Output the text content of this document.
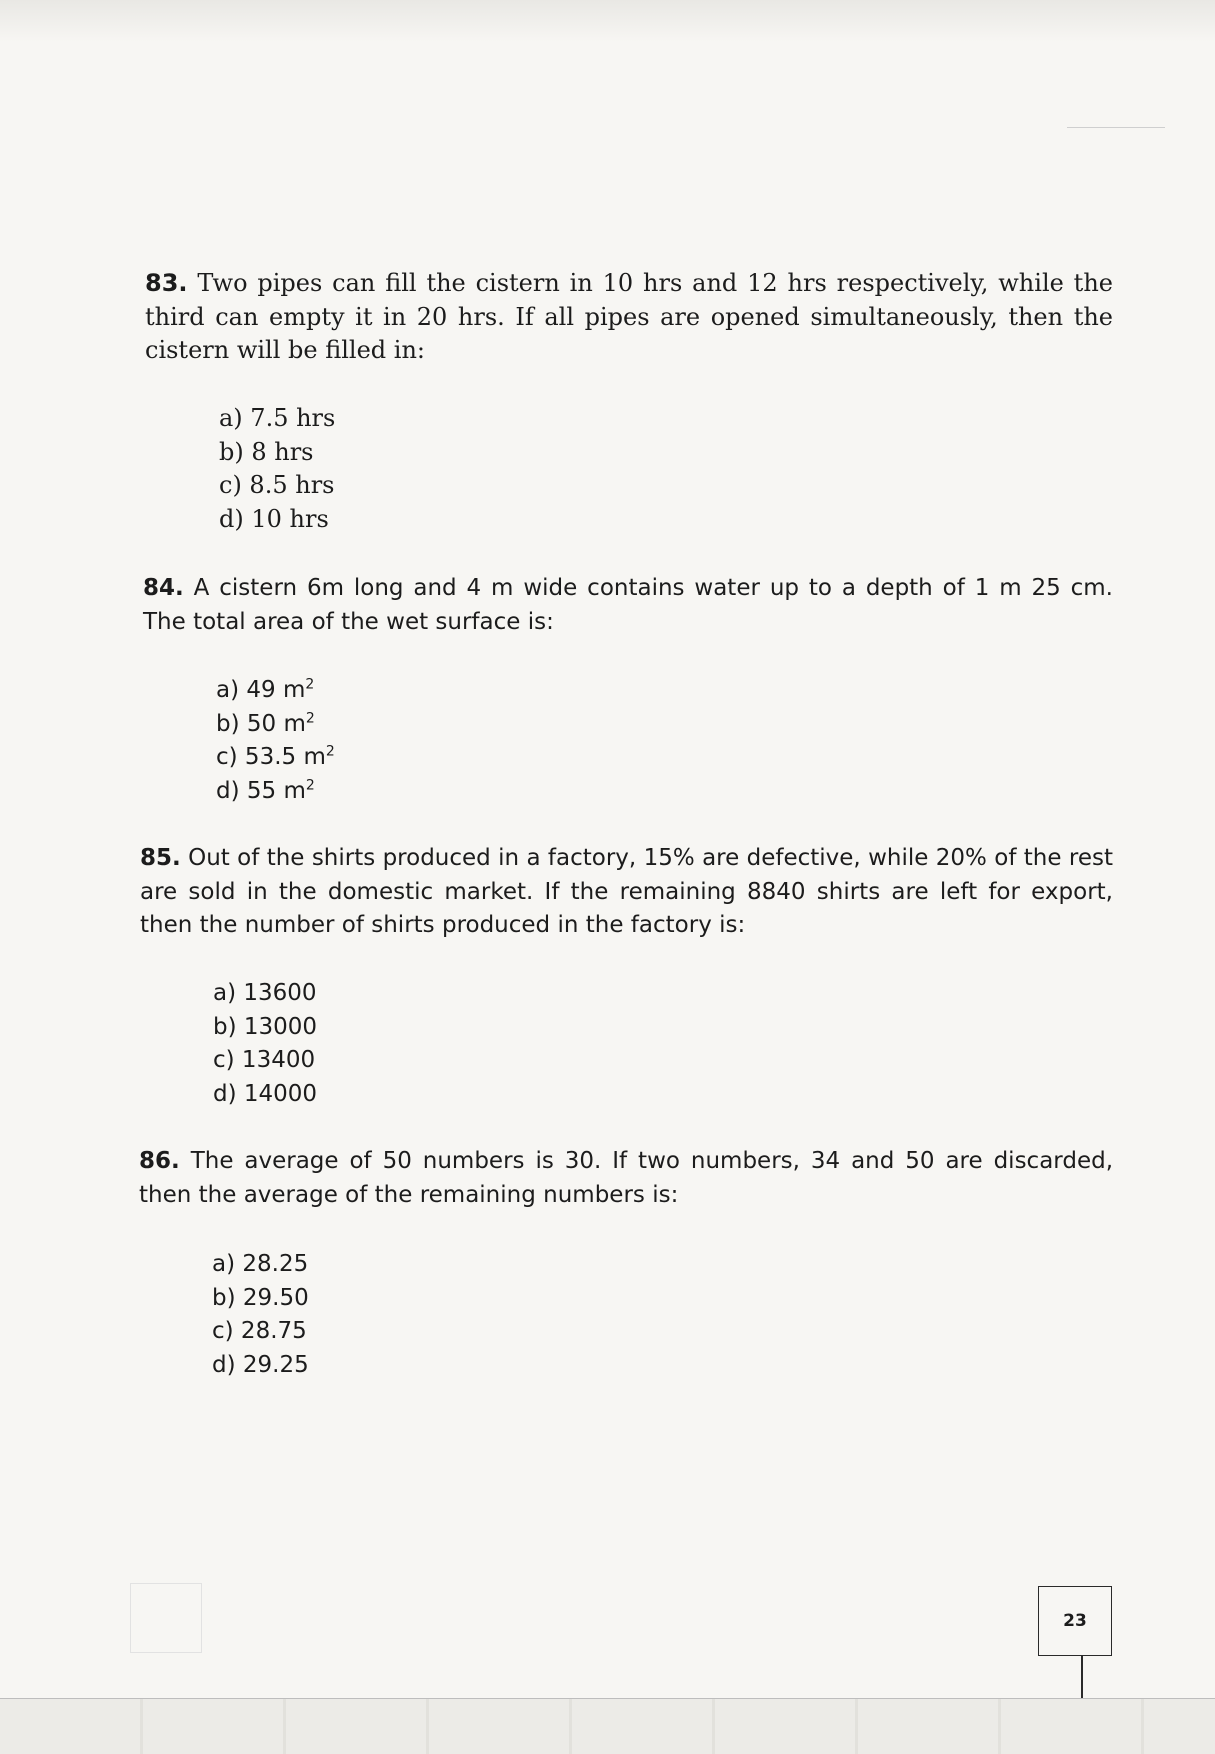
83. Two pipes can fill the cistern in 10 hrs and 12 hrs respectively, while the third can empty it in 20 hrs. If all pipes are opened simultaneously, then the cistern will be filled in:

a) 7.5 hrs
b) 8 hrs
c) 8.5 hrs
d) 10 hrs

84. A cistern 6m long and 4 m wide contains water up to a depth of 1 m 25 cm. The total area of the wet surface is:

a) 49 $m^2$
b) 50 $m^2$
c) 53.5 $m^2$
d) 55 $m^2$

85. Out of the shirts produced in a factory, 15% are defective, while 20% of the rest are sold in the domestic market. If the remaining 8840 shirts are left for export, then the number of shirts produced in the factory is:

a) 13600
b) 13000
c) 13400
d) 14000

86. The average of 50 numbers is 30. If two numbers, 34 and 50 are discarded, then the average of the remaining numbers is:

a) 28.25
b) 29.50
c) 28.75
d) 29.25
23
